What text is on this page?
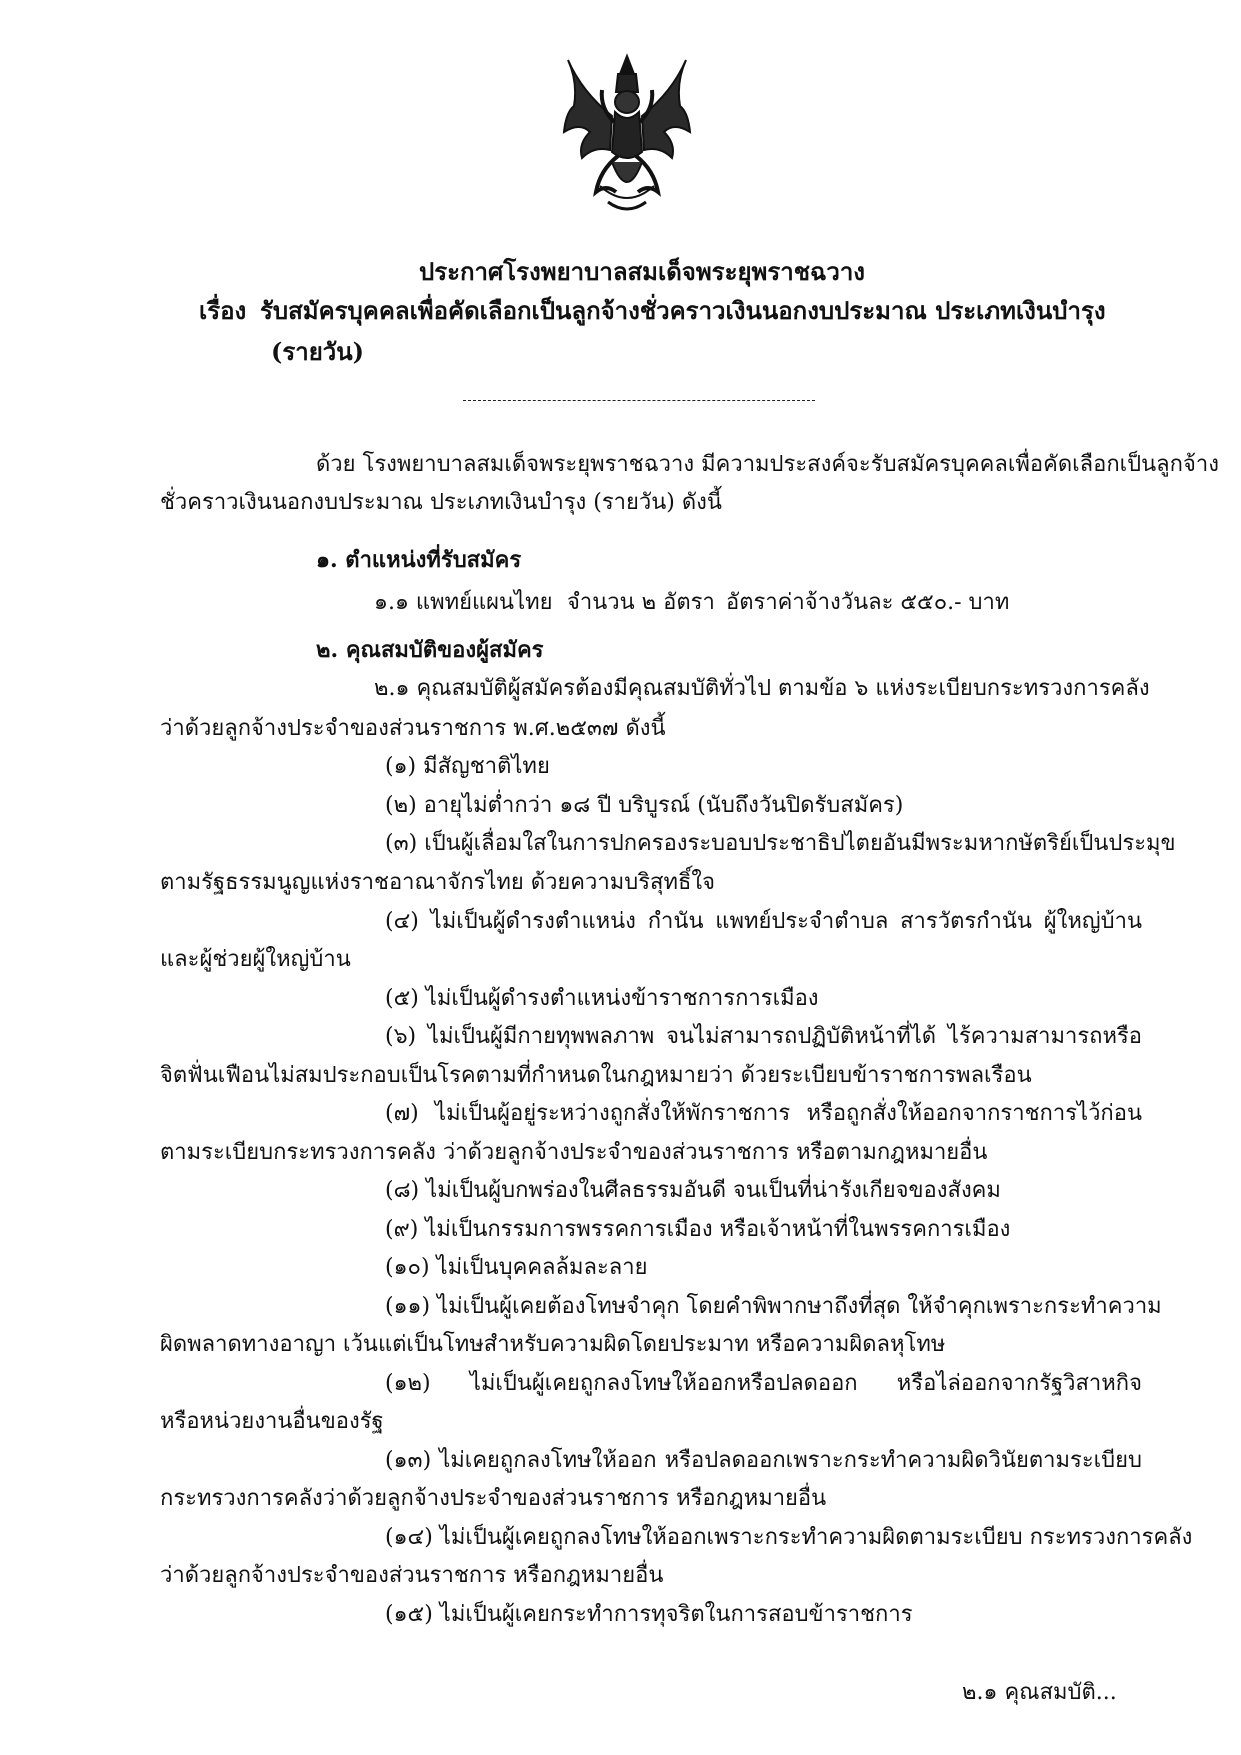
ประกาศโรงพยาบาลสมเด็จพระยุพราชฉวาง
เรื่อง รับสมัครบุคคลเพื่อคัดเลือกเป็นลูกจ้างชั่วคราวเงินนอกงบประมาณ ประเภทเงินบำรุง
(รายวัน)
ด้วย โรงพยาบาลสมเด็จพระยุพราชฉวาง มีความประสงค์จะรับสมัครบุคคลเพื่อคัดเลือกเป็นลูกจ้าง
ชั่วคราวเงินนอกงบประมาณ ประเภทเงินบำรุง (รายวัน) ดังนี้
๑. ตำแหน่งที่รับสมัคร
๑.๑ แพทย์แผนไทย จำนวน ๒ อัตรา อัตราค่าจ้างวันละ ๕๕๐.- บาท
๒. คุณสมบัติของผู้สมัคร
๒.๑ คุณสมบัติผู้สมัครต้องมีคุณสมบัติทั่วไป ตามข้อ ๖ แห่งระเบียบกระทรวงการคลัง
ว่าด้วยลูกจ้างประจำของส่วนราชการ พ.ศ.๒๕๓๗ ดังนี้
(๑) มีสัญชาติไทย
(๒) อายุไม่ต่ำกว่า ๑๘ ปี บริบูรณ์ (นับถึงวันปิดรับสมัคร)
(๓) เป็นผู้เลื่อมใสในการปกครองระบอบประชาธิปไตยอันมีพระมหากษัตริย์เป็นประมุข
ตามรัฐธรรมนูญแห่งราชอาณาจักรไทย ด้วยความบริสุทธิ์ใจ
(๔) ไม่เป็นผู้ดำรงตำแหน่ง กำนัน แพทย์ประจำตำบล สารวัตรกำนัน ผู้ใหญ่บ้าน
และผู้ช่วยผู้ใหญ่บ้าน
(๕) ไม่เป็นผู้ดำรงตำแหน่งข้าราชการการเมือง
(๖) ไม่เป็นผู้มีกายทุพพลภาพ จนไม่สามารถปฏิบัติหน้าที่ได้ ไร้ความสามารถหรือ
จิตฟั่นเฟือนไม่สมประกอบเป็นโรคตามที่กำหนดในกฎหมายว่า ด้วยระเบียบข้าราชการพลเรือน
(๗) ไม่เป็นผู้อยู่ระหว่างถูกสั่งให้พักราชการ หรือถูกสั่งให้ออกจากราชการไว้ก่อน
ตามระเบียบกระทรวงการคลัง ว่าด้วยลูกจ้างประจำของส่วนราชการ หรือตามกฎหมายอื่น
(๘) ไม่เป็นผู้บกพร่องในศีลธรรมอันดี จนเป็นที่น่ารังเกียจของสังคม
(๙) ไม่เป็นกรรมการพรรคการเมือง หรือเจ้าหน้าที่ในพรรคการเมือง
(๑๐) ไม่เป็นบุคคลล้มละลาย
(๑๑) ไม่เป็นผู้เคยต้องโทษจำคุก โดยคำพิพากษาถึงที่สุด ให้จำคุกเพราะกระทำความ
ผิดพลาดทางอาญา เว้นแต่เป็นโทษสำหรับความผิดโดยประมาท หรือความผิดลหุโทษ
(๑๒) ไม่เป็นผู้เคยถูกลงโทษให้ออกหรือปลดออก หรือไล่ออกจากรัฐวิสาหกิจ
หรือหน่วยงานอื่นของรัฐ
(๑๓) ไม่เคยถูกลงโทษให้ออก หรือปลดออกเพราะกระทำความผิดวินัยตามระเบียบ
กระทรวงการคลังว่าด้วยลูกจ้างประจำของส่วนราชการ หรือกฎหมายอื่น
(๑๔) ไม่เป็นผู้เคยถูกลงโทษให้ออกเพราะกระทำความผิดตามระเบียบ กระทรวงการคลัง
ว่าด้วยลูกจ้างประจำของส่วนราชการ หรือกฎหมายอื่น
(๑๕) ไม่เป็นผู้เคยกระทำการทุจริตในการสอบข้าราชการ
๒.๑ คุณสมบัติ...
